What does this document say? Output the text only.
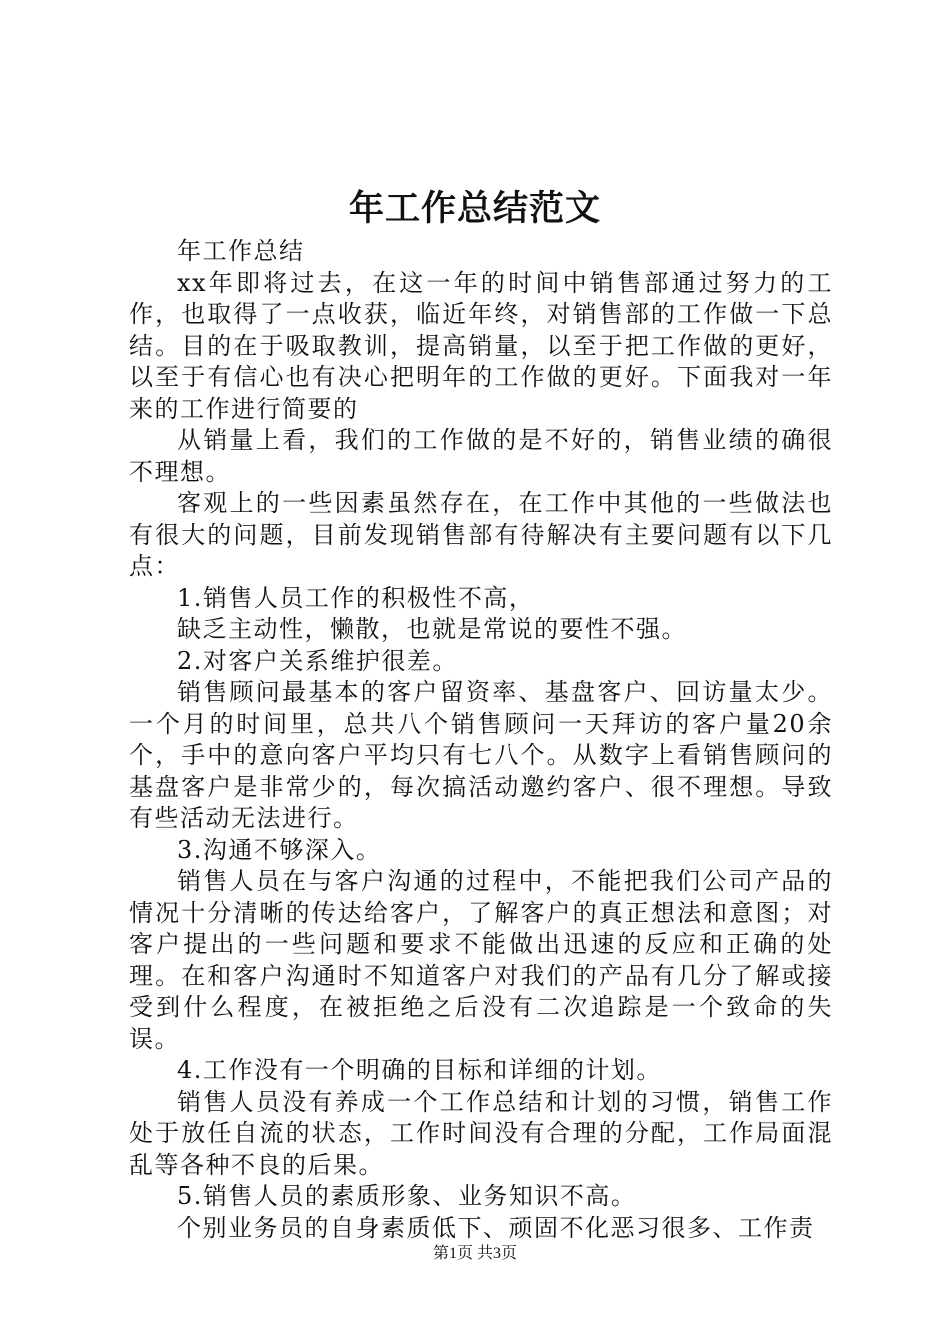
年工作总结范文

年工作总结

xx年即将过去，在这一年的时间中销售部通过努力的工作，也取得了一点收获，临近年终，对销售部的工作做一下总结。目的在于吸取教训，提高销量，以至于把工作做的更好，以至于有信心也有决心把明年的工作做的更好。下面我对一年来的工作进行简要的

从销量上看，我们的工作做的是不好的，销售业绩的确很不理想。

客观上的一些因素虽然存在，在工作中其他的一些做法也有很大的问题，目前发现销售部有待解决有主要问题有以下几点：

1.销售人员工作的积极性不高，

缺乏主动性，懒散，也就是常说的要性不强。

2.对客户关系维护很差。

销售顾问最基本的客户留资率、基盘客户、回访量太少。一个月的时间里，总共八个销售顾问一天拜访的客户量20余个，手中的意向客户平均只有七八个。从数字上看销售顾问的基盘客户是非常少的，每次搞活动邀约客户、很不理想。导致有些活动无法进行。

3.沟通不够深入。

销售人员在与客户沟通的过程中，不能把我们公司产品的情况十分清晰的传达给客户，了解客户的真正想法和意图；对客户提出的一些问题和要求不能做出迅速的反应和正确的处理。在和客户沟通时不知道客户对我们的产品有几分了解或接受到什么程度，在被拒绝之后没有二次追踪是一个致命的失误。

4.工作没有一个明确的目标和详细的计划。

销售人员没有养成一个工作总结和计划的习惯，销售工作处于放任自流的状态，工作时间没有合理的分配，工作局面混乱等各种不良的后果。

5.销售人员的素质形象、业务知识不高。

个别业务员的自身素质低下、顽固不化恶习很多、工作责

第1页 共3页
